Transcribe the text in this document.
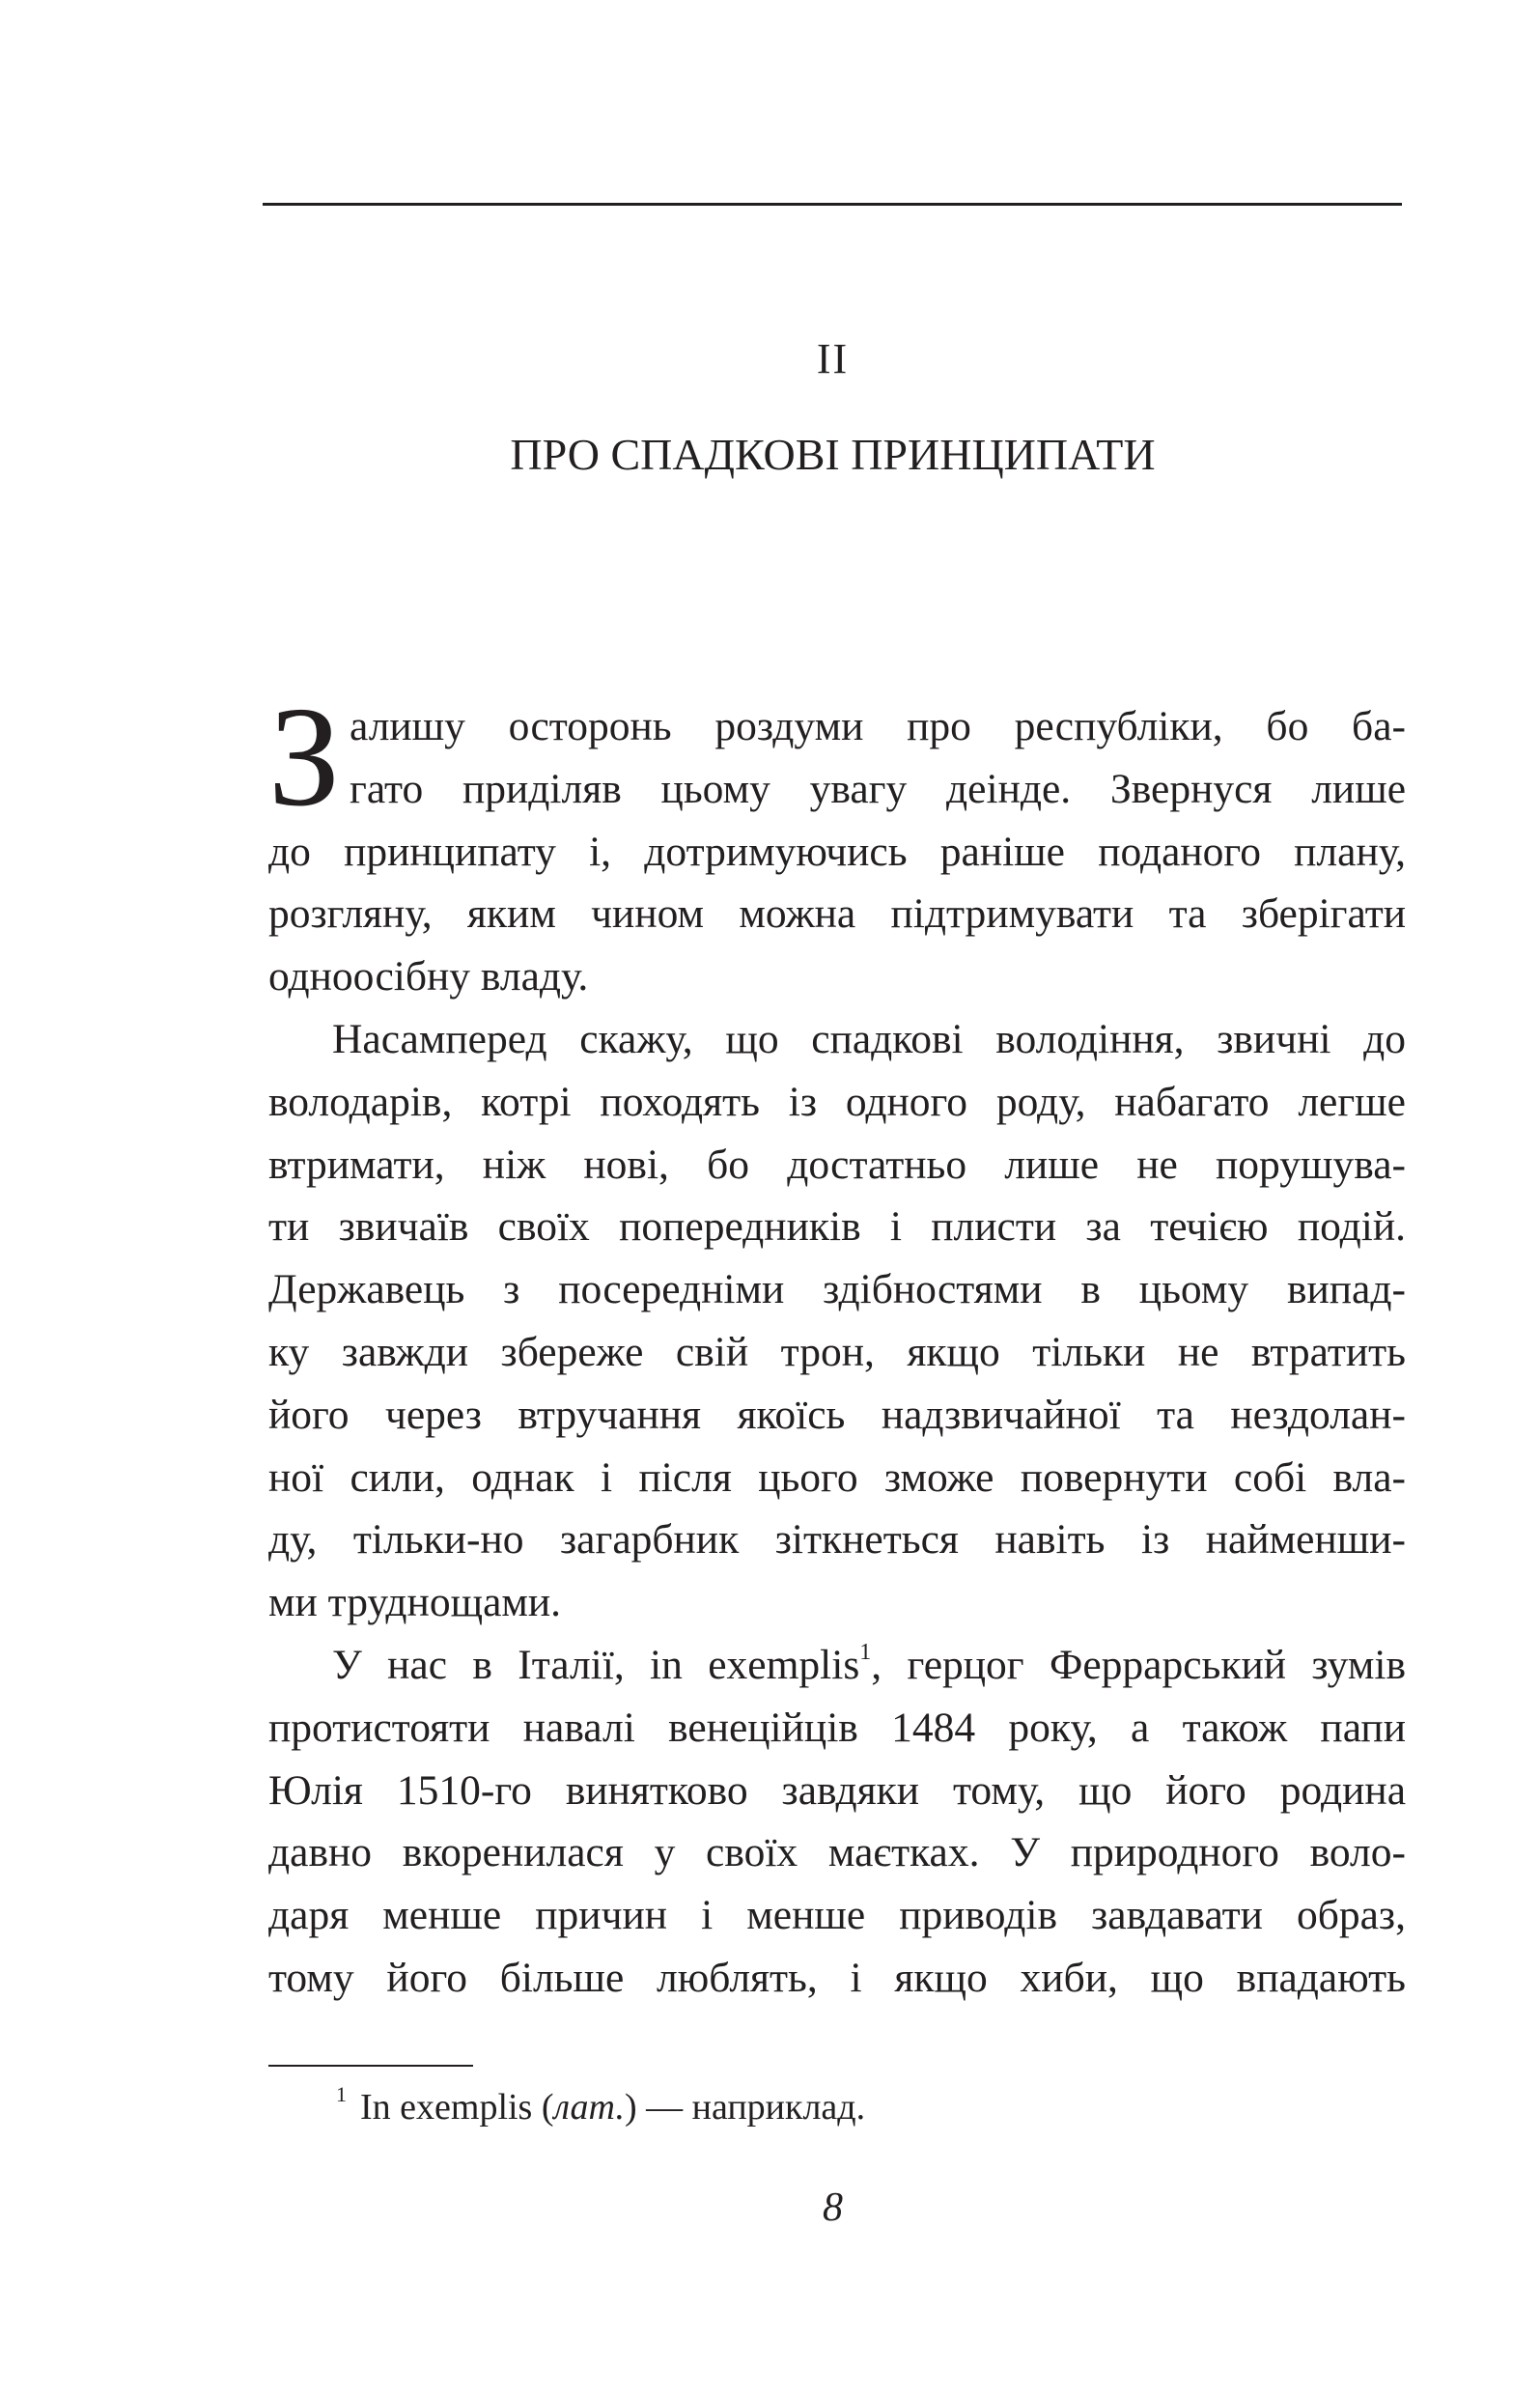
II
ПРО СПАДКОВІ ПРИНЦИПАТИ
З алишу осторонь роздуми про республіки, бо ба-
гато приділяв цьому увагу деінде. Звернуся лише
до принципату і, дотримуючись раніше поданого плану,
розгляну, яким чином можна підтримувати та зберігати
одноосібну владу.
Насамперед скажу, що спадкові володіння, звичні до
володарів, котрі походять із одного роду, набагато легше
втримати, ніж нові, бо достатньо лише не порушува-
ти звичаїв своїх попередників і плисти за течією подій.
Державець з посередніми здібностями в цьому випад-
ку завжди збереже свій трон, якщо тільки не втратить
його через втручання якоїсь надзвичайної та нездолан-
ної сили, однак і після цього зможе повернути собі вла-
ду, тільки-но загарбник зіткнеться навіть із найменши-
ми труднощами.
У нас в Італії, in exemplis$^1$, герцог Феррарський зумів
протистояти навалі венеційців 1484 року, а також папи
Юлія 1510-го винятково завдяки тому, що його родина
давно вкоренилася у своїх маєтках. У природного воло-
даря менше причин і менше приводів завдавати образ,
тому його більше люблять, і якщо хиби, що впадають
$^1$ In exemplis (лат.) — наприклад.
8
